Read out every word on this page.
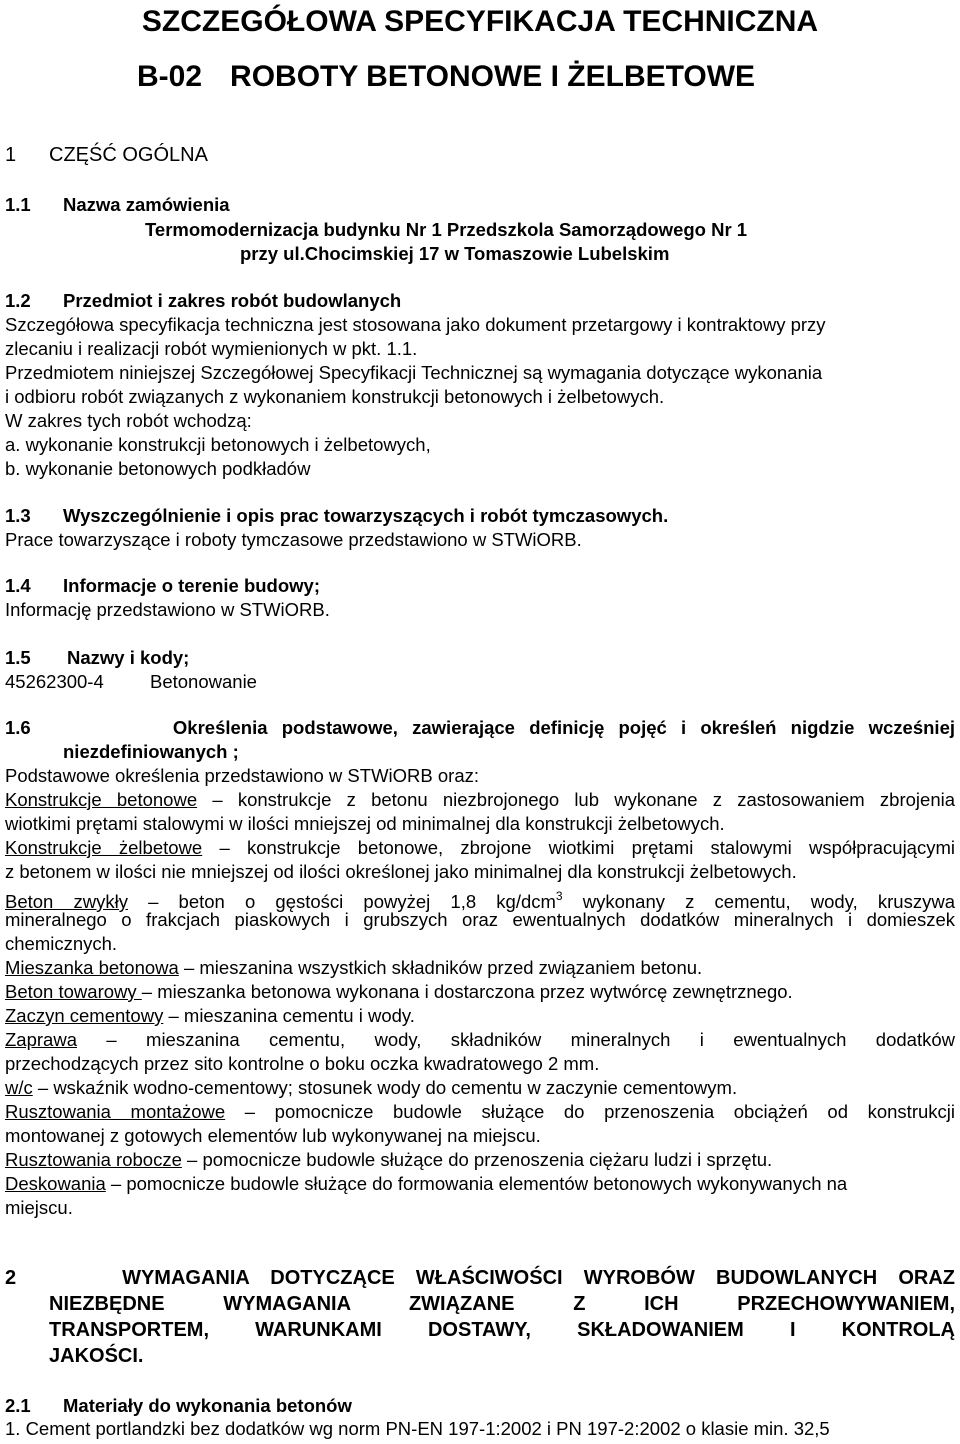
SZCZEGÓŁOWA SPECYFIKACJA TECHNICZNA
B-02 ROBOTY BETONOWE I ŻELBETOWE
1 CZĘŚĆ OGÓLNA
1.1 Nazwa zamówienia
Termomodernizacja budynku Nr 1 Przedszkola Samorządowego Nr 1
przy ul.Chocimskiej 17 w Tomaszowie Lubelskim
1.2 Przedmiot i zakres robót budowlanych
Szczegółowa specyfikacja techniczna jest stosowana jako dokument przetargowy i kontraktowy przy
zlecaniu i realizacji robót wymienionych w pkt. 1.1.
Przedmiotem niniejszej Szczegółowej Specyfikacji Technicznej są wymagania dotyczące wykonania
i odbioru robót związanych z wykonaniem konstrukcji betonowych i żelbetowych.
W zakres tych robót wchodzą:
a. wykonanie konstrukcji betonowych i żelbetowych,
b. wykonanie betonowych podkładów
1.3 Wyszczególnienie i opis prac towarzyszących i robót tymczasowych.
Prace towarzyszące i roboty tymczasowe przedstawiono w STWiORB.
1.4 Informacje o terenie budowy;
Informację przedstawiono w STWiORB.
1.5 Nazwy i kody;
45262300-4 Betonowanie
1.6	Określenia podstawowe, zawierające definicję pojęć i określeń nigdzie wcześniej
niezdefiniowanych ;
Podstawowe określenia przedstawiono w STWiORB oraz:
Konstrukcje betonowe – konstrukcje z betonu niezbrojonego lub wykonane z zastosowaniem zbrojenia
wiotkimi prętami stalowymi w ilości mniejszej od minimalnej dla konstrukcji żelbetowych.
Konstrukcje żelbetowe – konstrukcje betonowe, zbrojone wiotkimi prętami stalowymi współpracującymi
z betonem w ilości nie mniejszej od ilości określonej jako minimalnej dla konstrukcji żelbetowych.
Beton zwykły – beton o gęstości powyżej 1,8 kg/dcm$^3$ wykonany z cementu, wody, kruszywa
mineralnego o frakcjach piaskowych i grubszych oraz ewentualnych dodatków mineralnych i domieszek
chemicznych.
Mieszanka betonowa – mieszanina wszystkich składników przed związaniem betonu.
Beton towarowy – mieszanka betonowa wykonana i dostarczona przez wytwórcę zewnętrznego.
Zaczyn cementowy – mieszanina cementu i wody.
Zaprawa – mieszanina cementu, wody, składników mineralnych i ewentualnych dodatków
przechodzących przez sito kontrolne o boku oczka kwadratowego 2 mm.
w/c – wskaźnik wodno-cementowy; stosunek wody do cementu w zaczynie cementowym.
Rusztowania montażowe – pomocnicze budowle służące do przenoszenia obciążeń od konstrukcji
montowanej z gotowych elementów lub wykonywanej na miejscu.
Rusztowania robocze – pomocnicze budowle służące do przenoszenia ciężaru ludzi i sprzętu.
Deskowania – pomocnicze budowle służące do formowania elementów betonowych wykonywanych na
miejscu.
2	WYMAGANIA DOTYCZĄCE WŁAŚCIWOŚCI WYROBÓW BUDOWLANYCH ORAZ
NIEZBĘDNE WYMAGANIA ZWIĄZANE Z ICH PRZECHOWYWANIEM,
TRANSPORTEM, WARUNKAMI DOSTAWY, SKŁADOWANIEM I KONTROLĄ
JAKOŚCI.
2.1 Materiały do wykonania betonów
1. Cement portlandzki bez dodatków wg norm PN-EN 197-1:2002 i PN 197-2:2002 o klasie min. 32,5
